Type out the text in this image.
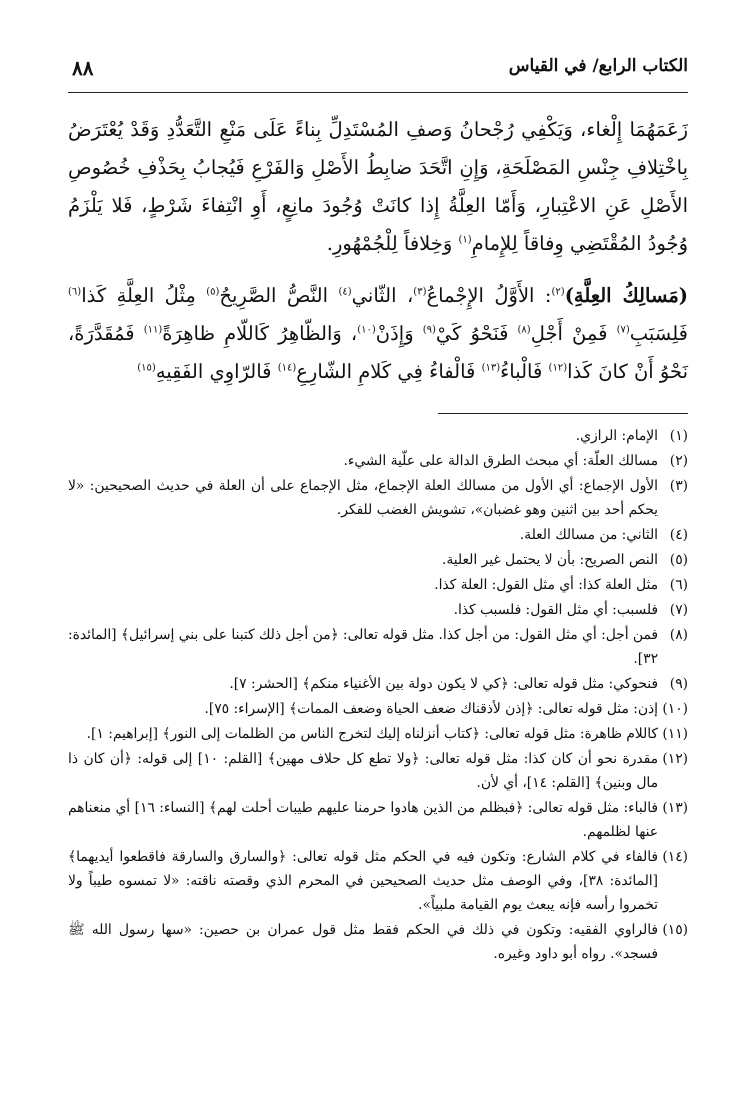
الكتاب الرابع/ في القياس
٨٨

زَعَمَهُمَا إِلْغاء، وَيَكْفِي رُجْحانُ وَصفِ المُسْتَدِلِّ بِناءً عَلَى مَنْعِ التَّعَدُّدِ وَقَدْ يُعْتَرَضُ بِاخْتِلافِ جِنْسِ المَصْلَحَةِ، وَإِنِ اتَّحَدَ ضابِطُ الأَصْلِ وَالفَرْعِ فَيُجابُ بِحَذْفِ خُصُوصِ الأَصْلِ عَنِ الاعْتِبارِ، وَأَمّا العِلَّةُ إِذا كانَتْ وُجُودَ مانِعٍ، أَوِ انْتِفاءَ شَرْطٍ، فَلا يَلْزَمُ وُجُودُ المُقْتَضِي وِفاقاً لِلإِمامِ$^{(١)}$ وَخِلافاً لِلْجُمْهُورِ.

(مَسالِكُ العِلَّةِ)$^{(٢)}$: الأَوَّلُ الإِجْماعُ$^{(٣)}$، الثّاني$^{(٤)}$ النَّصُّ الصَّرِيحُ$^{(٥)}$ مِثْلُ العِلَّةِ كَذا$^{(٦)}$ فَلِسَبَبِ$^{(٧)}$ فَمِنْ أَجْلِ$^{(٨)}$ فَنَحْوُ كَيْ$^{(٩)}$ وَإِذَنْ$^{(١٠)}$، وَالظّاهِرُ كَاللّامِ ظاهِرَةً$^{(١١)}$ فَمُقَدَّرَةً، نَحْوُ أَنْ كانَ كَذا$^{(١٢)}$ فَالْباءُ$^{(١٣)}$ فَالْفاءُ فِي كَلامِ الشّارِعِ$^{(١٤)}$ فَالرّاوِي الفَقِيهِ$^{(١٥)}$

(١)
الإمام: الرازي.
(٢)
مسالك العلّة: أي مبحث الطرق الدالة على علّية الشيء.
(٣)
الأول الإجماع: أي الأول من مسالك العلة الإجماع، مثل الإجماع على أن العلة في حديث الصحيحين: «لا يحكم أحد بين اثنين وهو غضبان»، تشويش الغضب للفكر.
(٤)
الثاني: من مسالك العلة.
(٥)
النص الصريح: بأن لا يحتمل غير العلية.
(٦)
مثل العلة كذا: أي مثل القول: العلة كذا.
(٧)
فلسبب: أي مثل القول: فلسبب كذا.
(٨)
فمن أجل: أي مثل القول: من أجل كذا. مثل قوله تعالى: ﴿من أجل ذلك كتبنا على بني إسرائيل﴾ [المائدة: ٣٢].
(٩)
فنحوكي: مثل قوله تعالى: ﴿كي لا يكون دولة بين الأغنياء منكم﴾ [الحشر: ٧].
(١٠)
إذن: مثل قوله تعالى: ﴿إذن لأذقناك ضعف الحياة وضعف الممات﴾ [الإسراء: ٧٥].
(١١)
كاللام ظاهرة: مثل قوله تعالى: ﴿كتاب أنزلناه إليك لتخرج الناس من الظلمات إلى النور﴾ [إبراهيم: ١].
(١٢)
مقدرة نحو أن كان كذا: مثل قوله تعالى: ﴿ولا تطع كل حلاف مهين﴾ [القلم: ١٠] إلى قوله: ﴿أن كان ذا مال وبنين﴾ [القلم: ١٤]، أي لأن.
(١٣)
فالباء: مثل قوله تعالى: ﴿فبظلم من الذين هادوا حرمنا عليهم طيبات أحلت لهم﴾ [النساء: ١٦] أي منعناهم عنها لظلمهم.
(١٤)
فالفاء في كلام الشارع: وتكون فيه في الحكم مثل قوله تعالى: ﴿والسارق والسارقة فاقطعوا أيديهما﴾ [المائدة: ٣٨]، وفي الوصف مثل حديث الصحيحين في المحرم الذي وقصته ناقته: «لا تمسوه طيباً ولا تخمروا رأسه فإنه يبعث يوم القيامة ملبياً».
(١٥)
فالراوي الفقيه: وتكون في ذلك في الحكم فقط مثل قول عمران بن حصين: «سها رسول الله ﷺ فسجد». رواه أبو داود وغيره.
